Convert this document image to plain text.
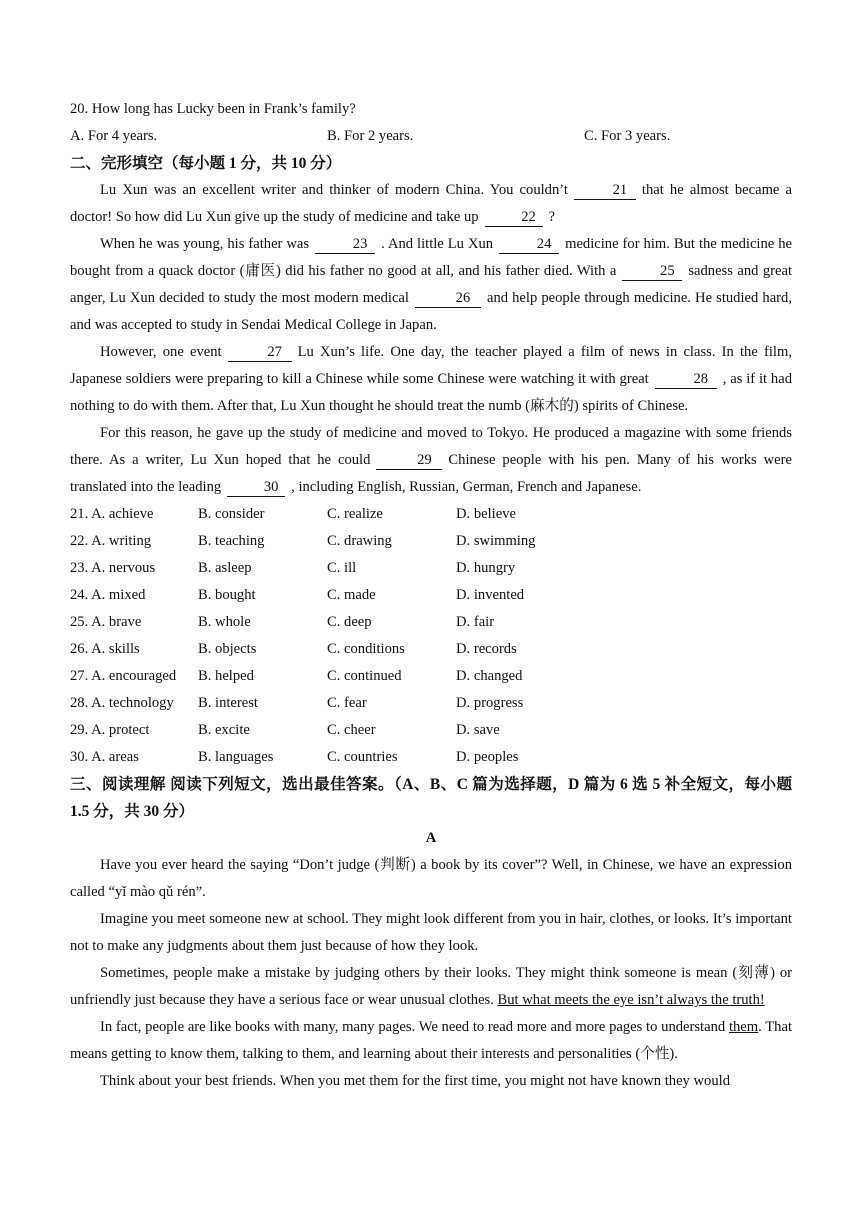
20. How long has Lucky been in Frank’s family?
A. For 4 years.	B. For 2 years.	C. For 3 years.
二、完形填空（每小题 1 分，共 10 分）

Lu Xun was an excellent writer and thinker of modern China. You couldn’t	21 that he almost became a doctor! So how did Lu Xun give up the study of medicine and take up	22 ?

When he was young, his father was	23 . And little Lu Xun	24 medicine for him. But the medicine he bought from a quack doctor (庸医) did his father no good at all, and his father died. With a	25 sadness and great anger, Lu Xun decided to study the most modern medical	26 and help people through medicine. He studied hard, and was accepted to study in Sendai Medical College in Japan.

However, one event	27 Lu Xun’s life. One day, the teacher played a film of news in class. In the film, Japanese soldiers were preparing to kill a Chinese while some Chinese were watching it with great	28 , as if it had nothing to do with them. After that, Lu Xun thought he should treat the numb (麻木的) spirits of Chinese.

For this reason, he gave up the study of medicine and moved to Tokyo. He produced a magazine with some friends there. As a writer, Lu Xun hoped that he could	29 Chinese people with his pen. Many of his works were translated into the leading	30 , including English, Russian, German, French and Japanese.

21. A. achieve	B. consider	C. realize	D. believe
22. A. writing	B. teaching	C. drawing	D. swimming
23. A. nervous	B. asleep	C. ill	D. hungry
24. A. mixed	B. bought	C. made	D. invented
25. A. brave	B. whole	C. deep	D. fair
26. A. skills	B. objects	C. conditions	D. records
27. A. encouraged B. helped	C. continued	D. changed
28. A. technology B. interest	C. fear	D. progress
29. A. protect	B. excite	C. cheer	D. save
30. A. areas	B. languages	C. countries	D. peoples

三、阅读理解 阅读下列短文，选出最佳答案。（A、B、C 篇为选择题，D 篇为 6 选 5 补全短文，每小题 1.5 分，共 30 分）

A

Have you ever heard the saying “Don’t judge (判断) a book by its cover”? Well, in Chinese, we have an expression called “yǐ mào qǔ rén”.

Imagine you meet someone new at school. They might look different from you in hair, clothes, or looks. It’s important not to make any judgments about them just because of how they look.

Sometimes, people make a mistake by judging others by their looks. They might think someone is mean (刻薄) or unfriendly just because they have a serious face or wear unusual clothes. But what meets the eye isn’t always the truth!

In fact, people are like books with many, many pages. We need to read more and more pages to understand them. That means getting to know them, talking to them, and learning about their interests and personalities (个性).

Think about your best friends. When you met them for the first time, you might not have known they would
